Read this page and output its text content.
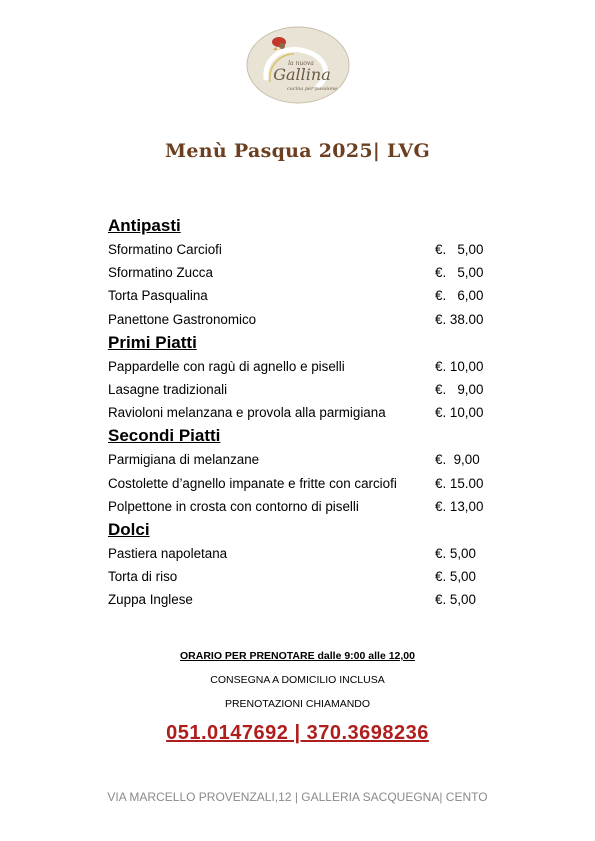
la nuova
Gallina
cucina per passione
Menù Pasqua 2025| LVG
Antipasti
Sformatino Carciofi	€.   5,00
Sformatino Zucca	€.   5,00
Torta Pasqualina	€.   6,00
Panettone Gastronomico	€. 38.00
Primi Piatti
Pappardelle con ragù di agnello e piselli	€. 10,00
Lasagne tradizionali	€.   9,00
Ravioloni melanzana e provola alla parmigiana	€. 10,00
Secondi Piatti
Parmigiana di melanzane	€.  9,00
Costolette d’agnello impanate e fritte con carciofi	€. 15.00
Polpettone in crosta con contorno di piselli	€. 13,00
Dolci
Pastiera napoletana	€. 5,00
Torta di riso	€. 5,00
Zuppa Inglese	€. 5,00
ORARIO PER PRENOTARE dalle 9:00 alle 12,00
CONSEGNA A DOMICILIO INCLUSA
PRENOTAZIONI CHIAMANDO
051.0147692 | 370.3698236
VIA MARCELLO PROVENZALI,12 | GALLERIA SACQUEGNA| CENTO
